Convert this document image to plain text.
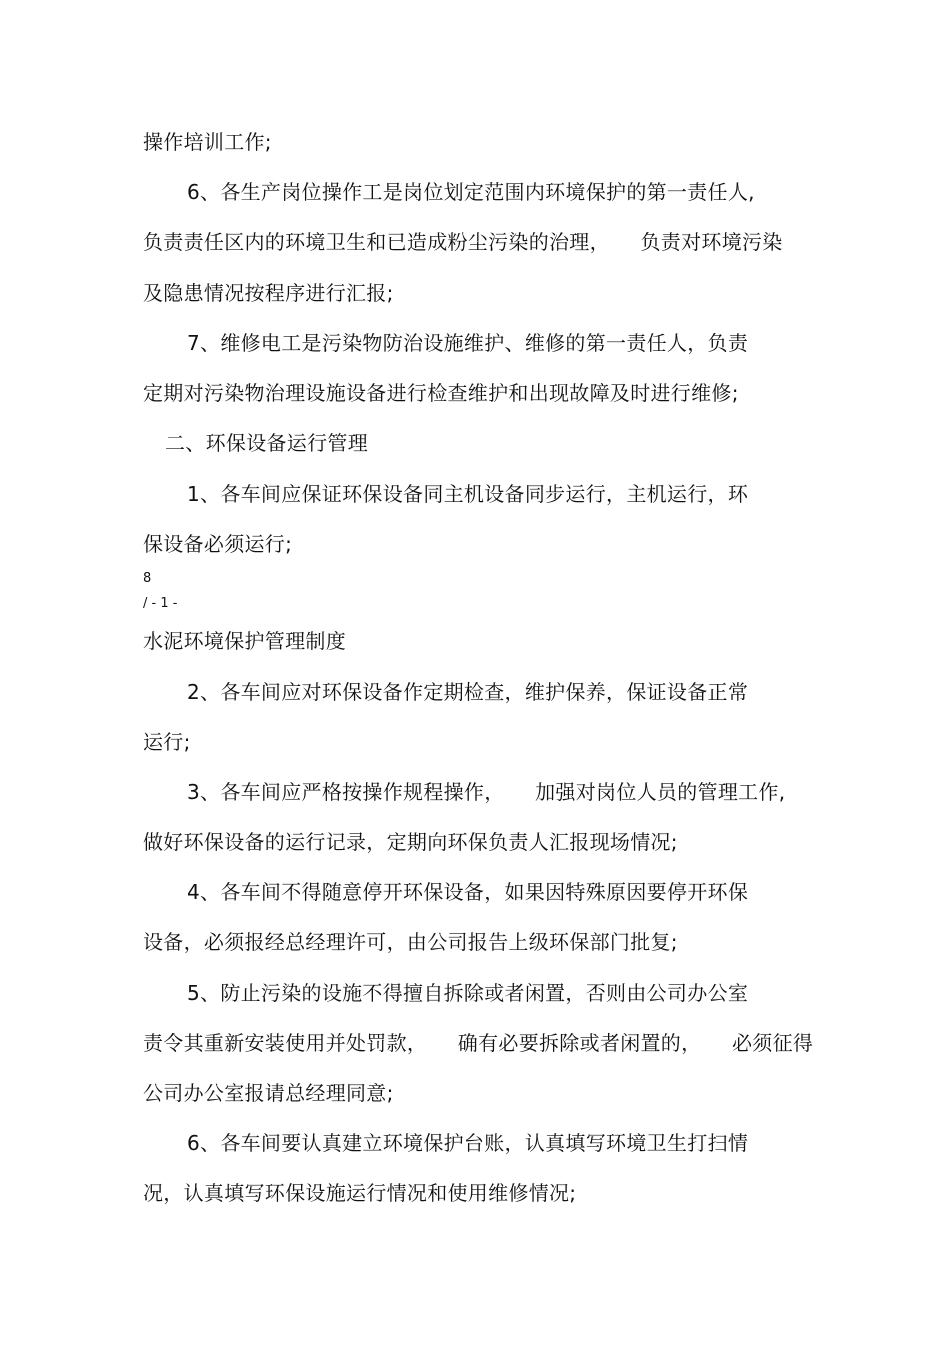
操作培训工作;
6、各生产岗位操作工是岗位划定范围内环境保护的第一责任人,
负责责任区内的环境卫生和已造成粉尘污染的治理，　　负责对环境污染
及隐患情况按程序进行汇报;
7、维修电工是污染物防治设施维护、维修的第一责任人，负责
定期对污染物治理设施设备进行检查维护和出现故障及时进行维修;
二、环保设备运行管理
1、各车间应保证环保设备同主机设备同步运行，主机运行，环
保设备必须运行;
8
/ - 1 -
水泥环境保护管理制度
2、各车间应对环保设备作定期检查，维护保养，保证设备正常
运行;
3、各车间应严格按操作规程操作，　　加强对岗位人员的管理工作,
做好环保设备的运行记录，定期向环保负责人汇报现场情况;
4、各车间不得随意停开环保设备，如果因特殊原因要停开环保
设备，必须报经总经理许可，由公司报告上级环保部门批复;
5、防止污染的设施不得擅自拆除或者闲置，否则由公司办公室
责令其重新安装使用并处罚款，　　确有必要拆除或者闲置的，　　必须征得
公司办公室报请总经理同意;
6、各车间要认真建立环境保护台账，认真填写环境卫生打扫情
况，认真填写环保设施运行情况和使用维修情况;
